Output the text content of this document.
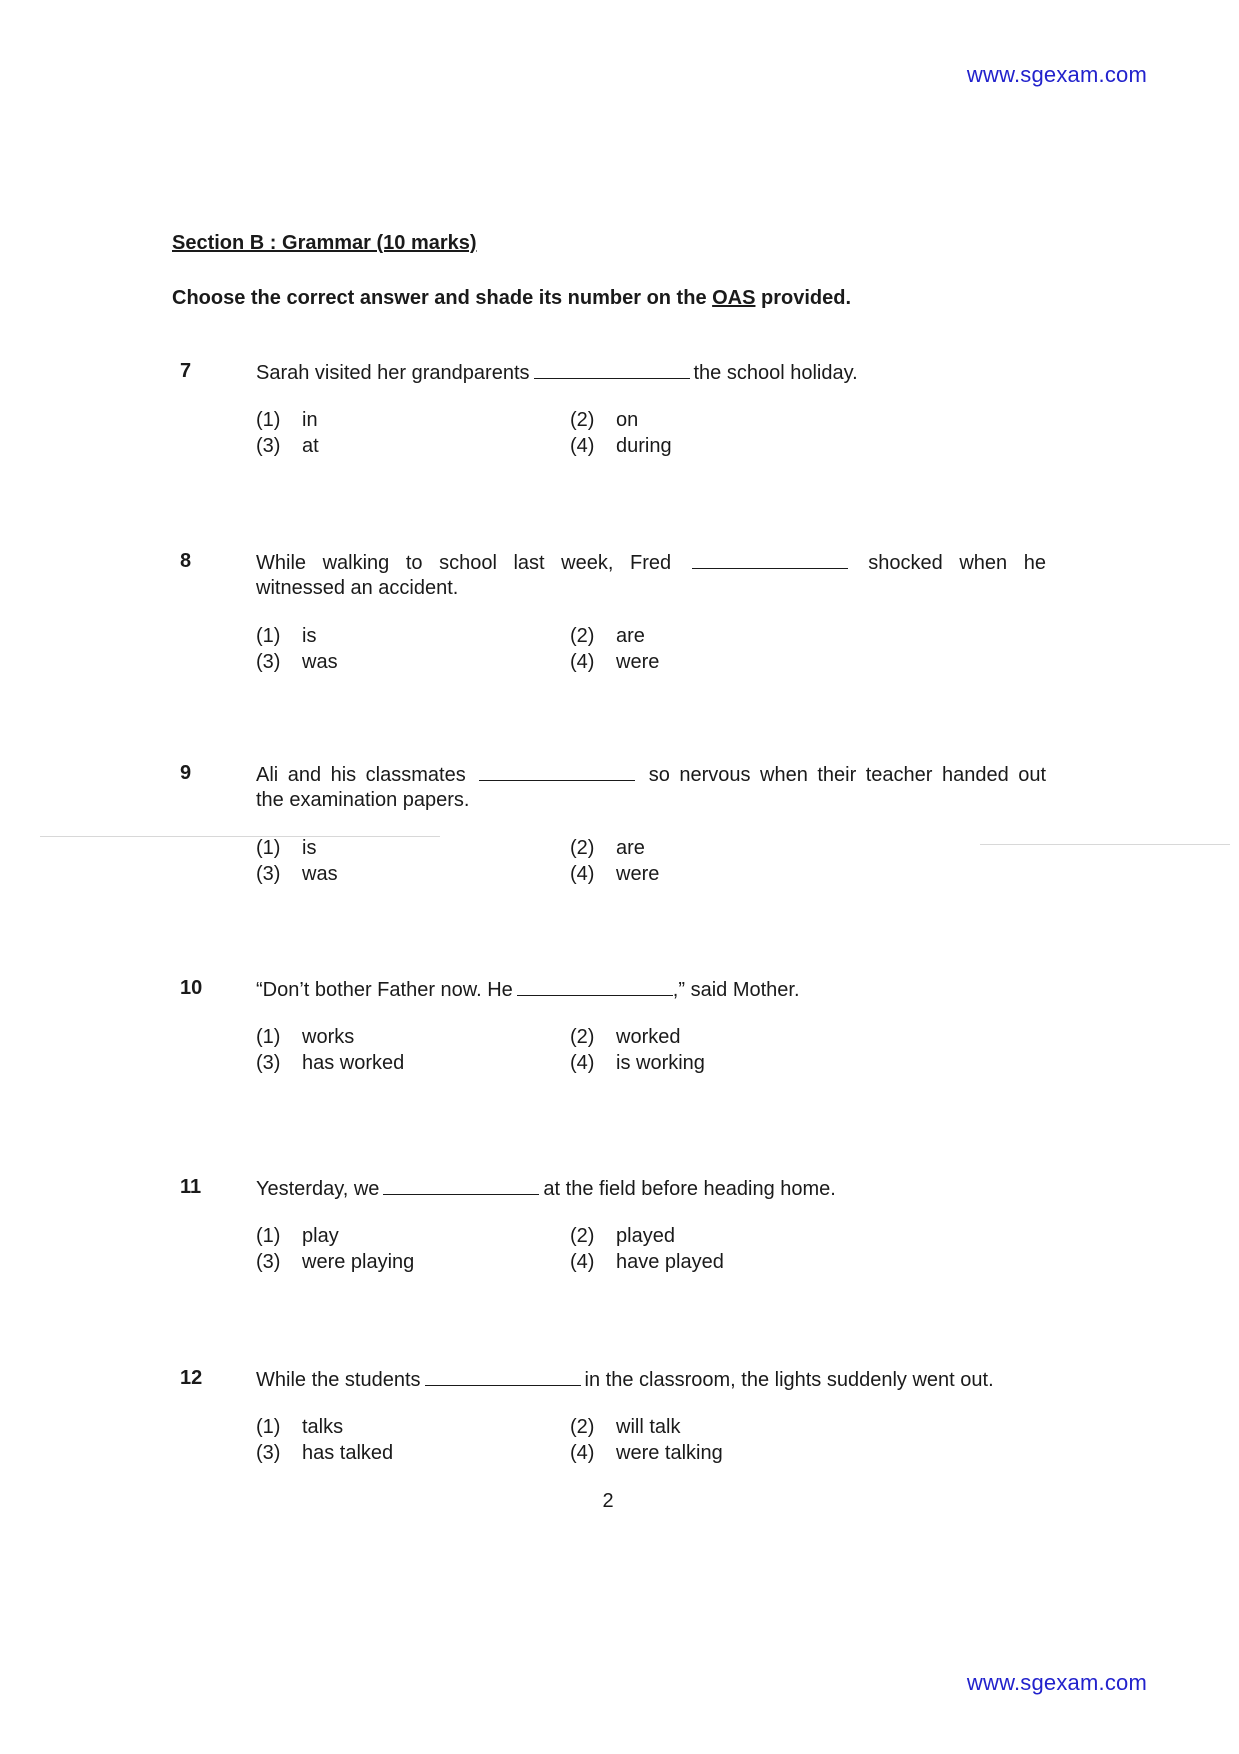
www.sgexam.com
Section B : Grammar (10 marks)
Choose the correct answer and shade its number on the OAS provided.
7	Sarah visited her grandparents	the school holiday.
(1)	in	(2)	on
(3)	at	(4)	during
8	While walking to school last week, Fred	shocked when he
witnessed an accident.
(1)	is	(2)	are
(3)	was	(4)	were
9	Ali and his classmates	so nervous when their teacher handed out
the examination papers.
(1)	is	(2)	are
(3)	was	(4)	were
10	“Don’t bother Father now. He	,” said Mother.
(1)	works	(2)	worked
(3)	has worked	(4)	is working
11	Yesterday, we	at the field before heading home.
(1)	play	(2)	played
(3)	were playing	(4)	have played
12	While the students	in the classroom, the lights suddenly went out.
(1)	talks	(2)	will talk
(3)	has talked	(4)	were talking
2
www.sgexam.com
